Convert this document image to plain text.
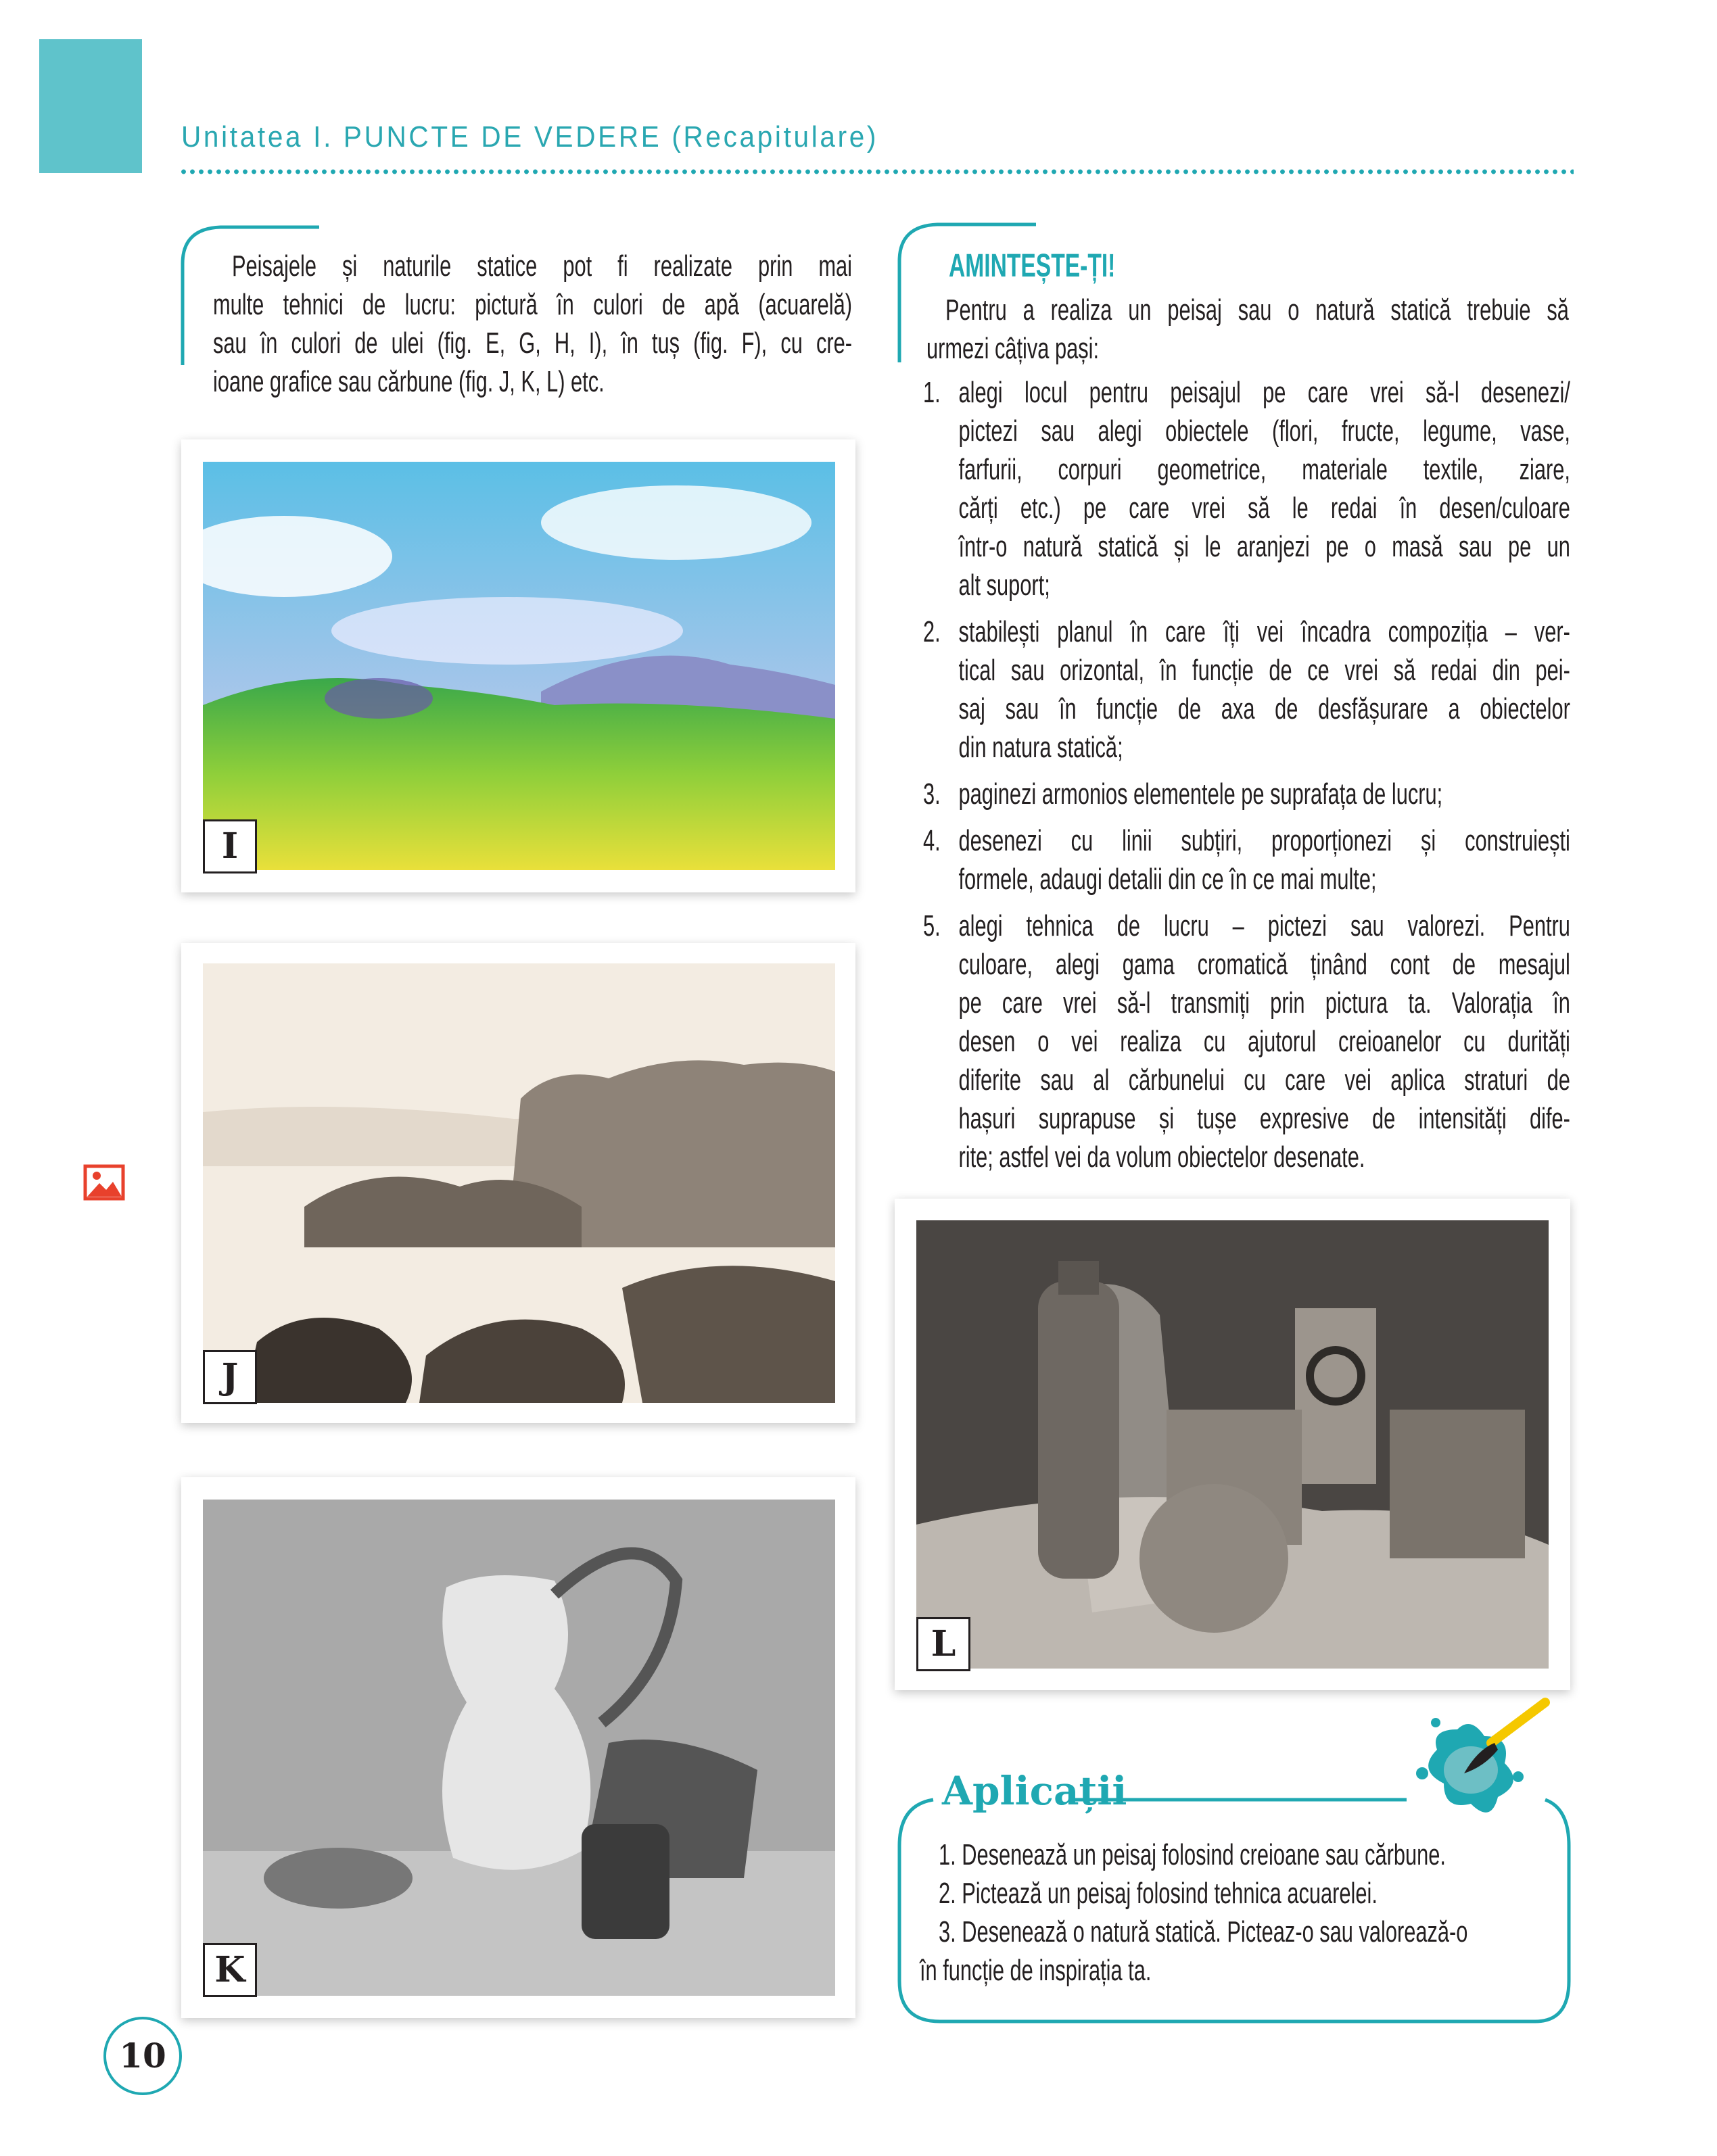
Unitatea I. PUNCTE DE VEDERE (Recapitulare)
Peisajele și naturile statice pot fi realizate prin mai
multe tehnici de lucru: pictură în culori de apă (acuarelă)
sau în culori de ulei (fig. E, G, H, I), în tuș (fig. F), cu cre-
ioane grafice sau cărbune (fig. J, K, L) etc.
I
J
K
AMINTEȘTE-ȚI!
Pentru a realiza un peisaj sau o natură statică trebuie să
urmezi câțiva pași:
1. alegi locul pentru peisajul pe care vrei să-l desenezi/
pictezi sau alegi obiectele (flori, fructe, legume, vase,
farfurii, corpuri geometrice, materiale textile, ziare,
cărți etc.) pe care vrei să le redai în desen/culoare
într-o natură statică și le aranjezi pe o masă sau pe un
alt suport;
2. stabilești planul în care îți vei încadra compoziția – ver-
tical sau orizontal, în funcție de ce vrei să redai din pei-
saj sau în funcție de axa de desfășurare a obiectelor
din natura statică;
3. paginezi armonios elementele pe suprafața de lucru;
4. desenezi cu linii subțiri, proporționezi și construiești
formele, adaugi detalii din ce în ce mai multe;
5. alegi tehnica de lucru – pictezi sau valorezi. Pentru
culoare, alegi gama cromatică ținând cont de mesajul
pe care vrei să-l transmiți prin pictura ta. Valorația în
desen o vei realiza cu ajutorul creioanelor cu durități
diferite sau al cărbunelui cu care vei aplica straturi de
hașuri suprapuse și tușe expresive de intensități dife-
rite; astfel vei da volum obiectelor desenate.
L
Aplicații
1. Desenează un peisaj folosind creioane sau cărbune.
2. Pictează un peisaj folosind tehnica acuarelei.
3. Desenează o natură statică. Picteaz-o sau valorează-o
în funcție de inspirația ta.
10
